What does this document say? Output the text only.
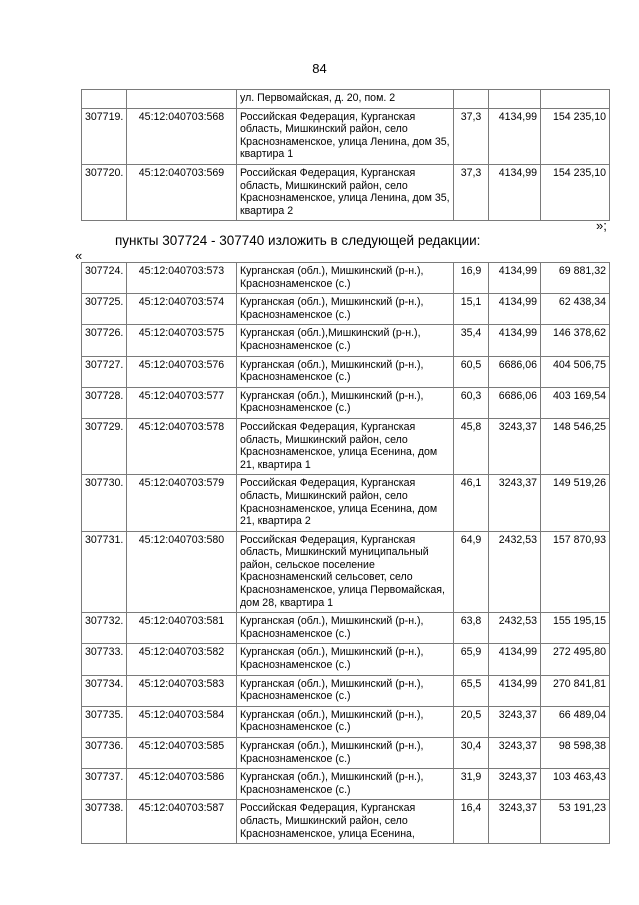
84
		ул. Первомайская, д. 20, пом. 2			
307719.	45:12:040703:568	Российская Федерация, Курганская область, Мишкинский район, село Краснознаменское, улица Ленина, дом 35, квартира 1	37,3	4134,99	154 235,10
307720.	45:12:040703:569	Российская Федерация, Курганская область, Мишкинский район, село Краснознаменское, улица Ленина, дом 35, квартира 2	37,3	4134,99	154 235,10
»;
пункты 307724 - 307740 изложить в следующей редакции:
«
307724.	45:12:040703:573	Курганская (обл.), Мишкинский (р-н.), Краснознаменское (с.)	16,9	4134,99	69 881,32
307725.	45:12:040703:574	Курганская (обл.), Мишкинский (р-н.), Краснознаменское (с.)	15,1	4134,99	62 438,34
307726.	45:12:040703:575	Курганская (обл.),Мишкинский (р-н.), Краснознаменское (с.)	35,4	4134,99	146 378,62
307727.	45:12:040703:576	Курганская (обл.), Мишкинский (р-н.), Краснознаменское (с.)	60,5	6686,06	404 506,75
307728.	45:12:040703:577	Курганская (обл.), Мишкинский (р-н.), Краснознаменское (с.)	60,3	6686,06	403 169,54
307729.	45:12:040703:578	Российская Федерация, Курганская область, Мишкинский район, село Краснознаменское, улица Есенина, дом 21, квартира 1	45,8	3243,37	148 546,25
307730.	45:12:040703:579	Российская Федерация, Курганская область, Мишкинский район, село Краснознаменское, улица Есенина, дом 21, квартира 2	46,1	3243,37	149 519,26
307731.	45:12:040703:580	Российская Федерация, Курганская область, Мишкинский муниципальный район, сельское поселение Краснознаменский сельсовет, село Краснознаменское, улица Первомайская, дом 28, квартира 1	64,9	2432,53	157 870,93
307732.	45:12:040703:581	Курганская (обл.), Мишкинский (р-н.), Краснознаменское (с.)	63,8	2432,53	155 195,15
307733.	45:12:040703:582	Курганская (обл.), Мишкинский (р-н.), Краснознаменское (с.)	65,9	4134,99	272 495,80
307734.	45:12:040703:583	Курганская (обл.), Мишкинский (р-н.), Краснознаменское (с.)	65,5	4134,99	270 841,81
307735.	45:12:040703:584	Курганская (обл.), Мишкинский (р-н.), Краснознаменское (с.)	20,5	3243,37	66 489,04
307736.	45:12:040703:585	Курганская (обл.), Мишкинский (р-н.), Краснознаменское (с.)	30,4	3243,37	98 598,38
307737.	45:12:040703:586	Курганская (обл.), Мишкинский (р-н.), Краснознаменское (с.)	31,9	3243,37	103 463,43
307738.	45:12:040703:587	Российская Федерация, Курганская область, Мишкинский район, село Краснознаменское, улица Есенина,	16,4	3243,37	53 191,23
